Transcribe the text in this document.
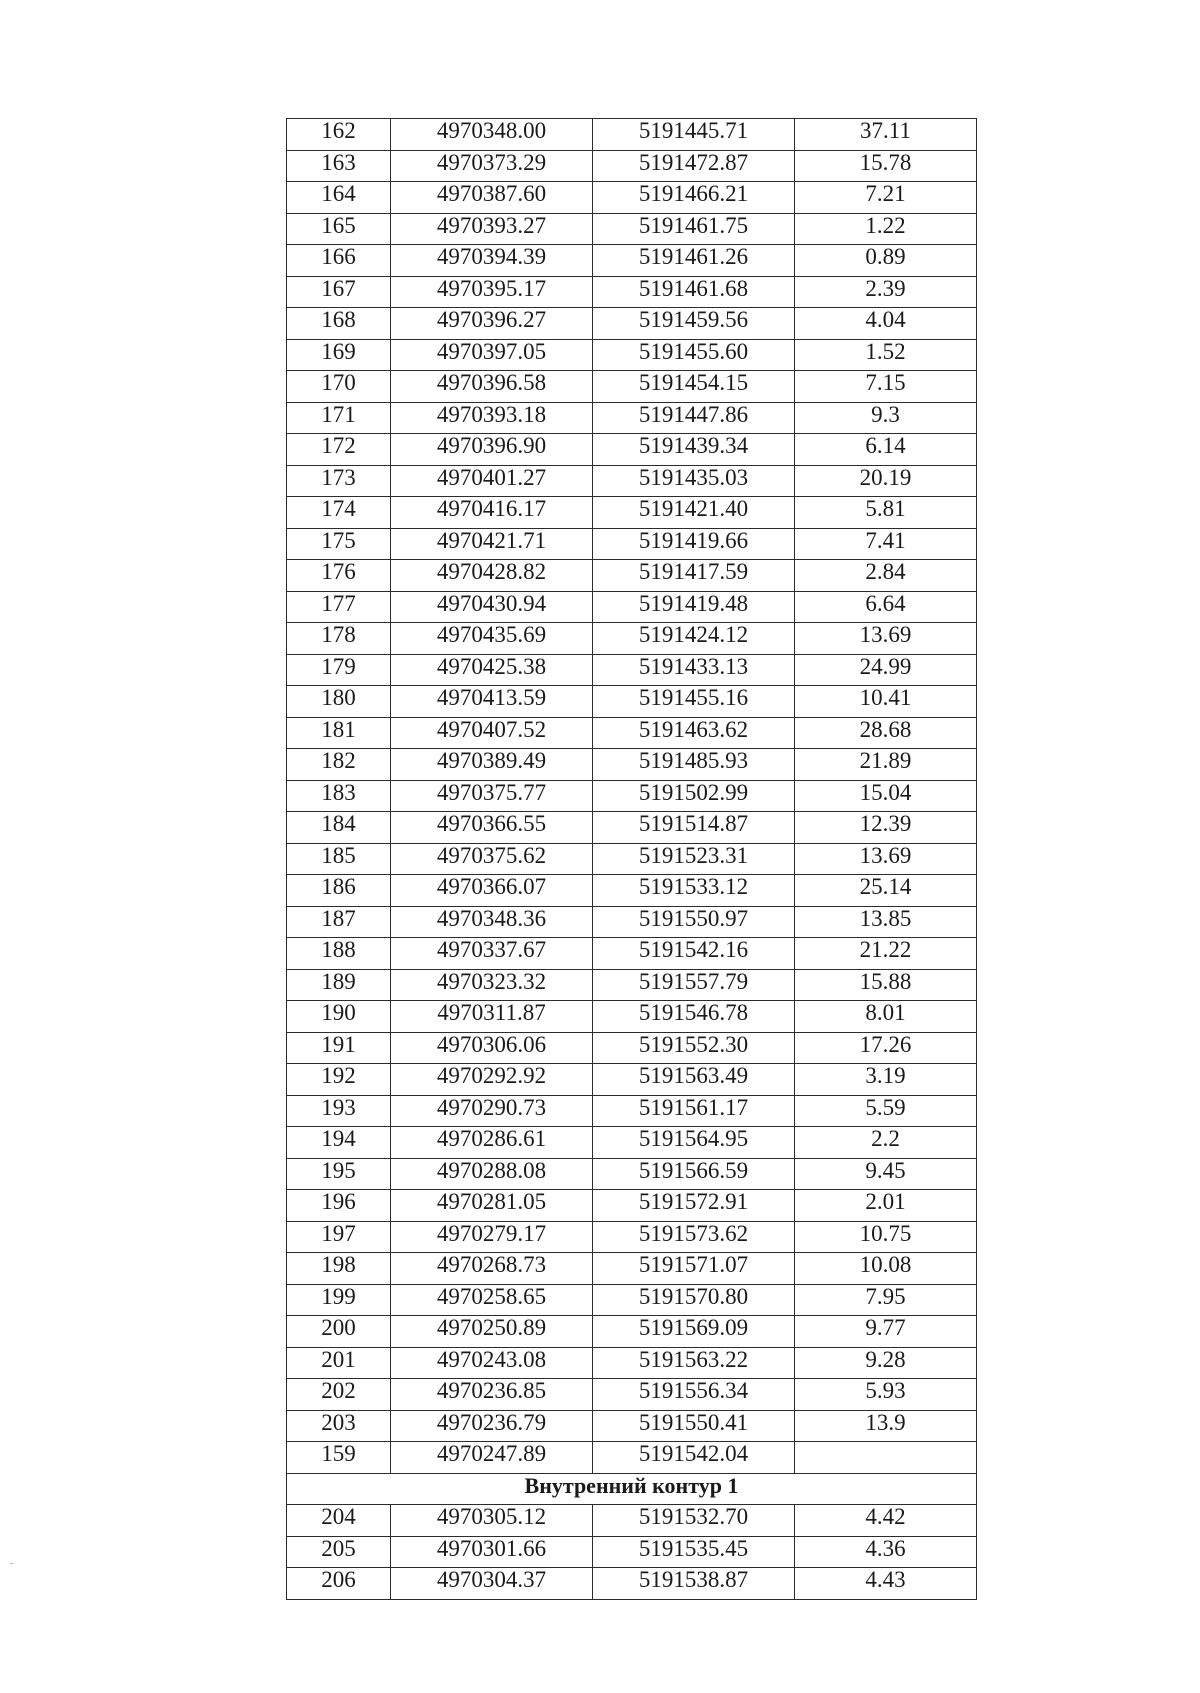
162	4970348.00	5191445.71	37.11
163	4970373.29	5191472.87	15.78
164	4970387.60	5191466.21	7.21
165	4970393.27	5191461.75	1.22
166	4970394.39	5191461.26	0.89
167	4970395.17	5191461.68	2.39
168	4970396.27	5191459.56	4.04
169	4970397.05	5191455.60	1.52
170	4970396.58	5191454.15	7.15
171	4970393.18	5191447.86	9.3
172	4970396.90	5191439.34	6.14
173	4970401.27	5191435.03	20.19
174	4970416.17	5191421.40	5.81
175	4970421.71	5191419.66	7.41
176	4970428.82	5191417.59	2.84
177	4970430.94	5191419.48	6.64
178	4970435.69	5191424.12	13.69
179	4970425.38	5191433.13	24.99
180	4970413.59	5191455.16	10.41
181	4970407.52	5191463.62	28.68
182	4970389.49	5191485.93	21.89
183	4970375.77	5191502.99	15.04
184	4970366.55	5191514.87	12.39
185	4970375.62	5191523.31	13.69
186	4970366.07	5191533.12	25.14
187	4970348.36	5191550.97	13.85
188	4970337.67	5191542.16	21.22
189	4970323.32	5191557.79	15.88
190	4970311.87	5191546.78	8.01
191	4970306.06	5191552.30	17.26
192	4970292.92	5191563.49	3.19
193	4970290.73	5191561.17	5.59
194	4970286.61	5191564.95	2.2
195	4970288.08	5191566.59	9.45
196	4970281.05	5191572.91	2.01
197	4970279.17	5191573.62	10.75
198	4970268.73	5191571.07	10.08
199	4970258.65	5191570.80	7.95
200	4970250.89	5191569.09	9.77
201	4970243.08	5191563.22	9.28
202	4970236.85	5191556.34	5.93
203	4970236.79	5191550.41	13.9
159	4970247.89	5191542.04	
Внутренний контур 1			
204	4970305.12	5191532.70	4.42
205	4970301.66	5191535.45	4.36
206	4970304.37	5191538.87	4.43
